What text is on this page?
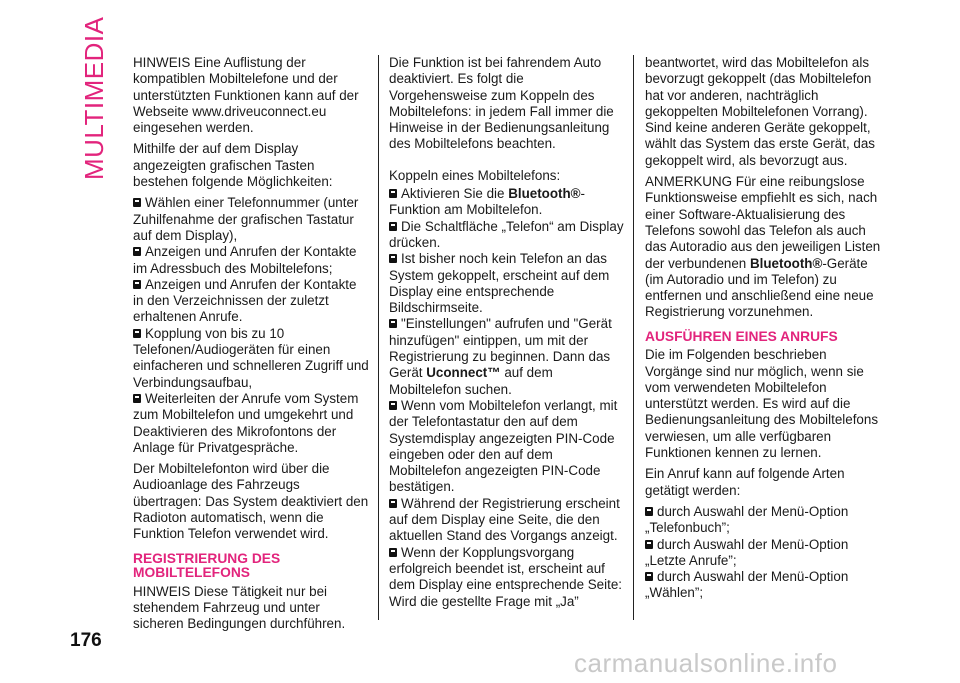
MULTIMEDIA	HINWEIS Eine Auflistung der kompatiblen Mobiltelefone und der unterstützten Funktionen kann auf der Webseite www.driveuconnect.eu eingesehen werden.

Mithilfe der auf dem Display angezeigten grafischen Tasten bestehen folgende Möglichkeiten:

Wählen einer Telefonnummer (unter Zuhilfenahme der grafischen Tastatur auf dem Display),

Anzeigen und Anrufen der Kontakte im Adressbuch des Mobiltelefons;

Anzeigen und Anrufen der Kontakte in den Verzeichnissen der zuletzt erhaltenen Anrufe.

Kopplung von bis zu 10 Telefonen/Audiogeräten für einen einfacheren und schnelleren Zugriff und Verbindungsaufbau,

Weiterleiten der Anrufe vom System zum Mobiltelefon und umgekehrt und Deaktivieren des Mikrofontons der Anlage für Privatgespräche.

Der Mobiltelefonton wird über die Audioanlage des Fahrzeugs übertragen: Das System deaktiviert den Radioton automatisch, wenn die Funktion Telefon verwendet wird.

REGISTRIERUNG DES MOBILTELEFONS

HINWEIS Diese Tätigkeit nur bei stehendem Fahrzeug und unter sicheren Bedingungen durchführen.

Die Funktion ist bei fahrendem Auto deaktiviert. Es folgt die Vorgehensweise zum Koppeln des Mobiltelefons: in jedem Fall immer die Hinweise in der Bedienungsanleitung des Mobiltelefons beachten.

Koppeln eines Mobiltelefons:

Aktivieren Sie die Bluetooth®-Funktion am Mobiltelefon.

Die Schaltfläche „Telefon“ am Display drücken.

Ist bisher noch kein Telefon an das System gekoppelt, erscheint auf dem Display eine entsprechende Bildschirmseite.

"Einstellungen" aufrufen und "Gerät hinzufügen" eintippen, um mit der Registrierung zu beginnen. Dann das Gerät Uconnect™ auf dem Mobiltelefon suchen.

Wenn vom Mobiltelefon verlangt, mit der Telefontastatur den auf dem Systemdisplay angezeigten PIN-Code eingeben oder den auf dem Mobiltelefon angezeigten PIN-Code bestätigen.

Während der Registrierung erscheint auf dem Display eine Seite, die den aktuellen Stand des Vorgangs anzeigt.

Wenn der Kopplungsvorgang erfolgreich beendet ist, erscheint auf dem Display eine entsprechende Seite: Wird die gestellte Frage mit „Ja”

beantwortet, wird das Mobiltelefon als bevorzugt gekoppelt (das Mobiltelefon hat vor anderen, nachträglich gekoppelten Mobiltelefonen Vorrang). Sind keine anderen Geräte gekoppelt, wählt das System das erste Gerät, das gekoppelt wird, als bevorzugt aus.

ANMERKUNG Für eine reibungslose Funktionsweise empfiehlt es sich, nach einer Software-Aktualisierung des Telefons sowohl das Telefon als auch das Autoradio aus den jeweiligen Listen der verbundenen Bluetooth®-Geräte (im Autoradio und im Telefon) zu entfernen und anschließend eine neue Registrierung vorzunehmen.

AUSFÜHREN EINES ANRUFS

Die im Folgenden beschrieben Vorgänge sind nur möglich, wenn sie vom verwendeten Mobiltelefon unterstützt werden. Es wird auf die Bedienungsanleitung des Mobiltelefons verwiesen, um alle verfügbaren Funktionen kennen zu lernen.

Ein Anruf kann auf folgende Arten getätigt werden:

durch Auswahl der Menü-Option „Telefonbuch”;

durch Auswahl der Menü-Option „Letzte Anrufe”;

durch Auswahl der Menü-Option „Wählen”;

176
carmanualsonline.info
